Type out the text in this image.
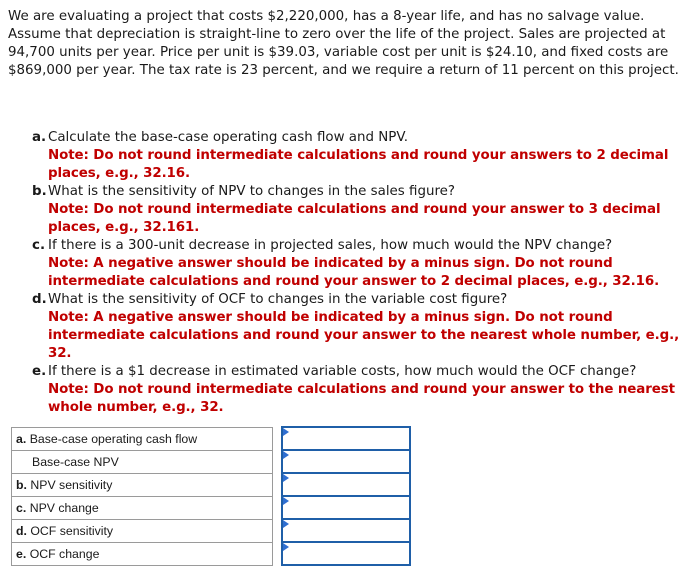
We are evaluating a project that costs $2,220,000, has a 8-year life, and has no salvage value. Assume that depreciation is straight-line to zero over the life of the project. Sales are projected at 94,700 units per year. Price per unit is $39.03, variable cost per unit is $24.10, and fixed costs are $869,000 per year. The tax rate is 23 percent, and we require a return of 11 percent on this project.
a. Calculate the base-case operating cash flow and NPV.
Note: Do not round intermediate calculations and round your answers to 2 decimal places, e.g., 32.16.
b. What is the sensitivity of NPV to changes in the sales figure?
Note: Do not round intermediate calculations and round your answer to 3 decimal places, e.g., 32.161.
c. If there is a 300-unit decrease in projected sales, how much would the NPV change?
Note: A negative answer should be indicated by a minus sign. Do not round intermediate calculations and round your answer to 2 decimal places, e.g., 32.16.
d. What is the sensitivity of OCF to changes in the variable cost figure?
Note: A negative answer should be indicated by a minus sign. Do not round intermediate calculations and round your answer to the nearest whole number, e.g., 32.
e. If there is a $1 decrease in estimated variable costs, how much would the OCF change?
Note: Do not round intermediate calculations and round your answer to the nearest whole number, e.g., 32.
a. Base-case operating cash flow		

Base-case NPV		

b. NPV sensitivity		

c. NPV change		

d. OCF sensitivity		

e. OCF change		
